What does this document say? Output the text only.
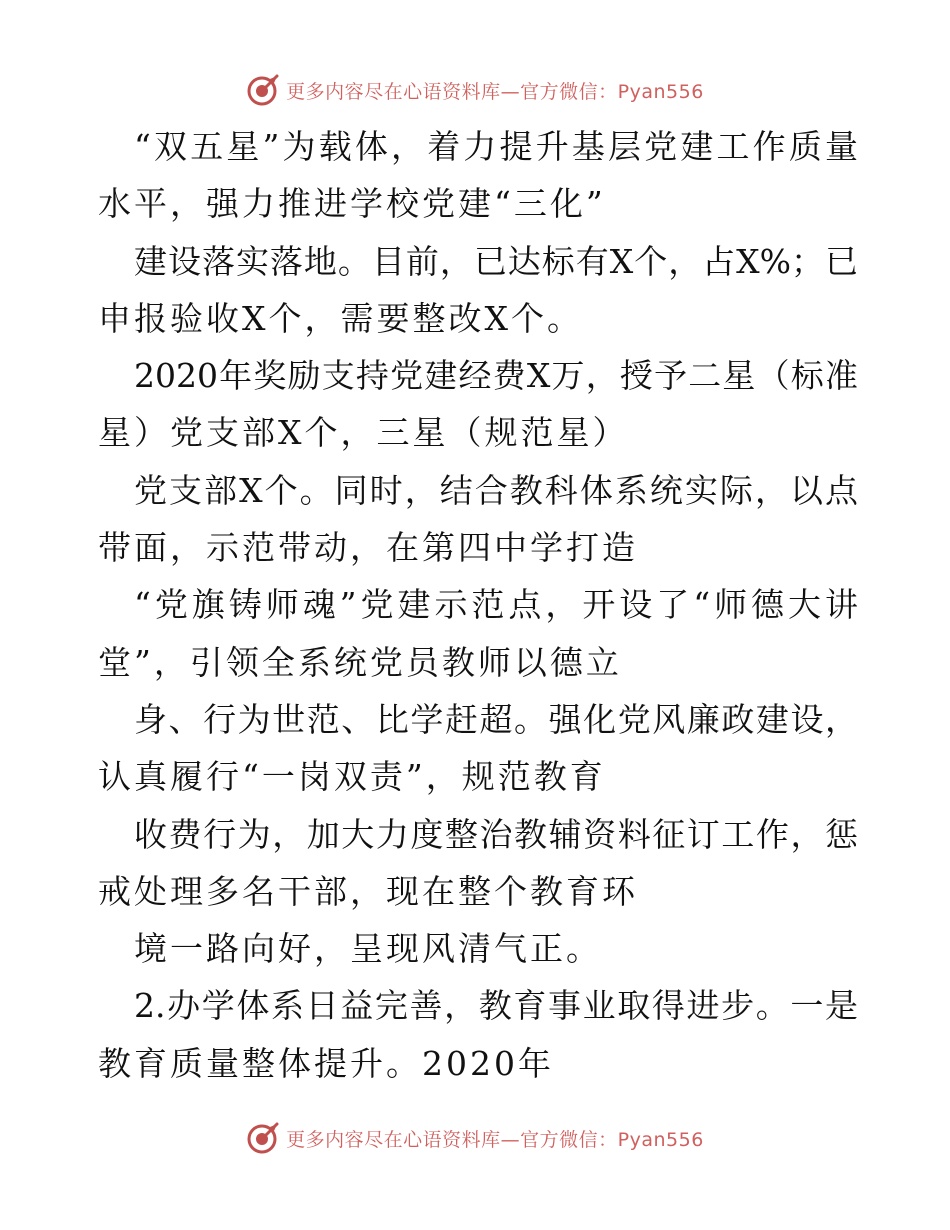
更多内容尽在心语资料库—官方微信：Pyan556
“双五星”为载体，着力提升基层党建工作质量
水平，强力推进学校党建“三化”
建设落实落地。目前，已达标有X个，占X%；已
申报验收X个，需要整改X个。
2020年奖励支持党建经费X万，授予二星（标准
星）党支部X个，三星（规范星）
党支部X个。同时，结合教科体系统实际，以点
带面，示范带动，在第四中学打造
“党旗铸师魂”党建示范点，开设了“师德大讲
堂”，引领全系统党员教师以德立
身、行为世范、比学赶超。强化党风廉政建设，
认真履行“一岗双责”，规范教育
收费行为，加大力度整治教辅资料征订工作，惩
戒处理多名干部，现在整个教育环
境一路向好，呈现风清气正。
2.办学体系日益完善，教育事业取得进步。一是
教育质量整体提升。2020年
更多内容尽在心语资料库—官方微信：Pyan556
